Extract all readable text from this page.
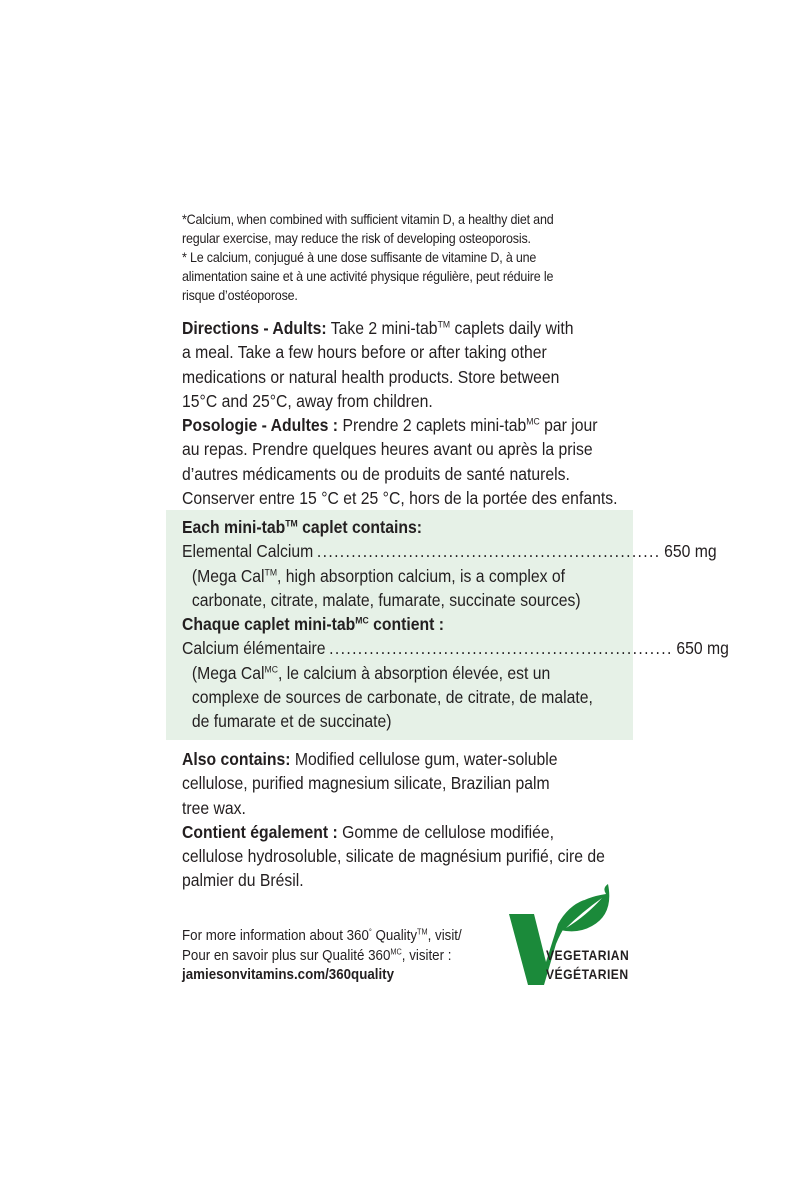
*Calcium, when combined with sufficient vitamin D, a healthy diet and

regular exercise, may reduce the risk of developing osteoporosis.

* Le calcium, conjugué à une dose suffisante de vitamine D, à une

alimentation saine et à une activité physique régulière, peut réduire le

risque d’ostéoporose.

Directions - Adults: Take 2 mini-tab™ caplets daily with

a meal. Take a few hours before or after taking other

medications or natural health products. Store between

15°C and 25°C, away from children.

Posologie - Adultes : Prendre 2 caplets mini-tab$^{MC}$ par jour

au repas. Prendre quelques heures avant ou après la prise

d’autres médicaments ou de produits de santé naturels.

Conserver entre 15 °C et 25 °C, hors de la portée des enfants.

Each mini-tab™ caplet contains:

Elemental Calcium ............................................................ 650 mg

(Mega Cal™, high absorption calcium, is a complex of

carbonate, citrate, malate, fumarate, succinate sources)

Chaque caplet mini-tab$^{MC}$ contient :

Calcium élémentaire ............................................................ 650 mg

(Mega Cal$^{MC}$, le calcium à absorption élevée, est un

complexe de sources de carbonate, de citrate, de malate,

de fumarate et de succinate)

Also contains: Modified cellulose gum, water-soluble

cellulose, purified magnesium silicate, Brazilian palm

tree wax.

Contient également : Gomme de cellulose modifiée,

cellulose hydrosoluble, silicate de magnésium purifié, cire de

palmier du Brésil.

For more information about 360° Quality™, visit/

Pour en savoir plus sur Qualité $360^{MC}$, visiter :

jamiesonvitamins.com/360quality

VEGETARIAN
VÉGÉTARIEN
